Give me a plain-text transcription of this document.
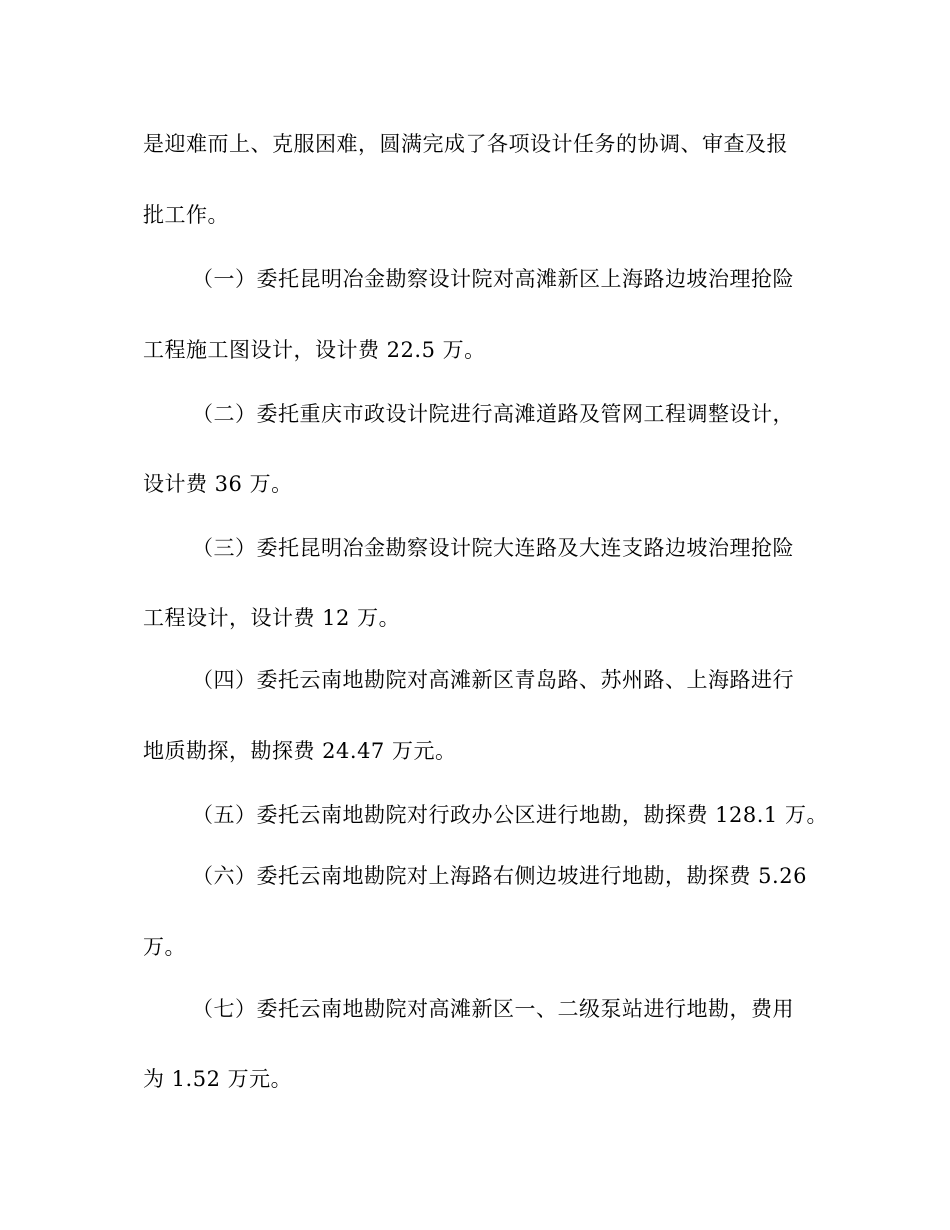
是迎难而上、克服困难，圆满完成了各项设计任务的协调、审查及报
批工作。
（一）委托昆明冶金勘察设计院对高滩新区上海路边坡治理抢险
工程施工图设计，设计费 22.5 万。
（二）委托重庆市政设计院进行高滩道路及管网工程调整设计，
设计费 36 万。
（三）委托昆明冶金勘察设计院大连路及大连支路边坡治理抢险
工程设计，设计费 12 万。
（四）委托云南地勘院对高滩新区青岛路、苏州路、上海路进行
地质勘探，勘探费 24.47 万元。
（五）委托云南地勘院对行政办公区进行地勘，勘探费 128.1 万。
（六）委托云南地勘院对上海路右侧边坡进行地勘，勘探费 5.26
万。
（七）委托云南地勘院对高滩新区一、二级泵站进行地勘，费用
为 1.52 万元。
